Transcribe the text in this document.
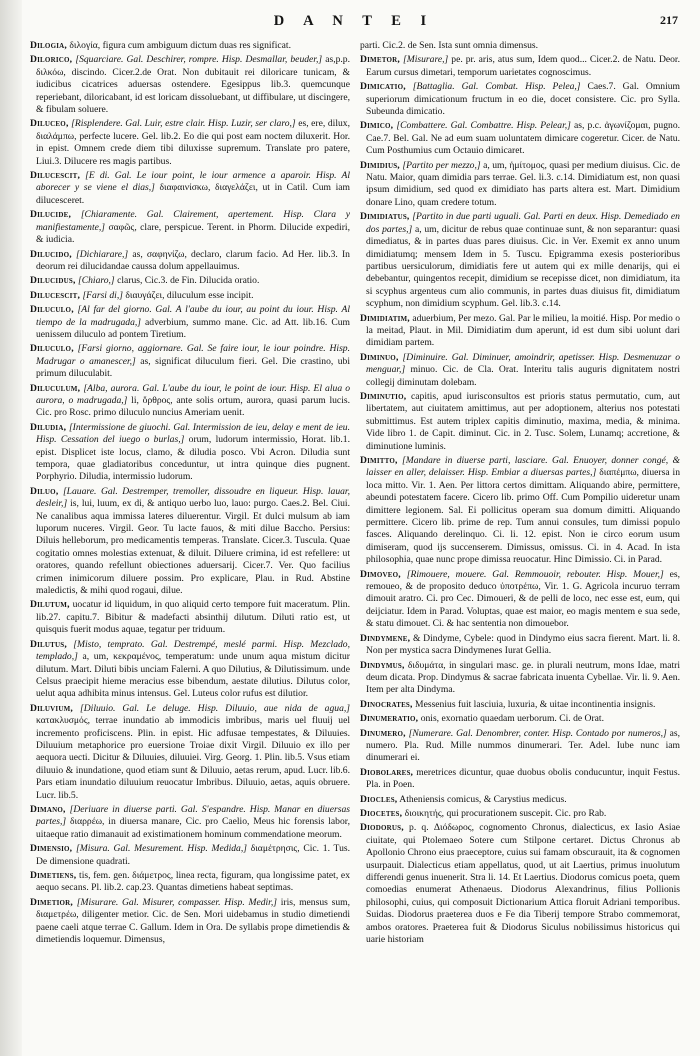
D A N T E I	217

Dilogia, διλογία, figura cum ambiguum dictum duas res significat.

Dilorico, [Squarciare. Gal. Deschirer, rompre. Hisp. Desmallar, beuder,] as,p.p. διλκόω, discindo. Cicer.2.de Orat. Non dubitauit rei diloricare tunicam, & iudicibus cicatrices aduersas ostendere. Egesippus lib.3. quemcunque reperiebant, diloricabant, id est loricam dissoluebant, ut diffibulare, ut discingere, & fibulam soluere.

Diluceo, [Risplendere. Gal. Luir, estre clair. Hisp. Luzir, ser claro,] es, ere, dilux, διαλάμπω, perfecte lucere. Gel. lib.2. Eo die qui post eam noctem diluxerit. Hor. in epist. Omnem crede diem tibi diluxisse supremum. Translate pro patere, Liui.3. Dilucere res magis partibus.

Dilucescit, [E di. Gal. Le iour point, le iour armence a aparoir. Hisp. Al aborecer y se viene el dias,] διαφαινίσκω, διαγελάζει, ut in Catil. Cum iam dilucesceret.

Dilucide, [Chiaramente. Gal. Clairement, apertement. Hisp. Clara y manifiestamente,] σαφῶς, clare, perspicue. Terent. in Phorm. Dilucide expediri, & iudicia.

Dilucido, [Dichiarare,] as, σαφηνίζω, declaro, clarum facio. Ad Her. lib.3. In deorum rei dilucidandae caussa dolum appellauimus.

Dilucidus, [Chiaro,] clarus, Cic.3. de Fin. Dilucida oratio.

Dilucescit, [Farsi di,] διαυγάζει, diluculum esse incipit.

Diluculo, [Al far del giorno. Gal. A l'aube du iour, au point du iour. Hisp. Al tiempo de la madrugada,] adverbium, summo mane. Cic. ad Att. lib.16. Cum uenissem diluculo ad pontem Tiretium.

Diluculo, [Farsi giorno, aggiornare. Gal. Se faire iour, le iour poindre. Hisp. Madrugar o amanescer,] as, significat diluculum fieri. Gel. Die crastino, ubi primum diluculabit.

Diluculum, [Alba, aurora. Gal. L'aube du iour, le point de iour. Hisp. El alua o aurora, o madrugada,] li, ὄρθρος, ante solis ortum, aurora, quasi parum lucis. Cic. pro Rosc. primo diluculo nuncius Ameriam uenit.

Diludia, [Intermissione de giuochi. Gal. Intermission de ieu, delay e ment de ieu. Hisp. Cessation del iuego o burlas,] orum, ludorum intermissio, Horat. lib.1. epist. Displicet iste locus, clamo, & diludia posco. Vbi Acron. Diludia sunt tempora, quae gladiatoribus conceduntur, ut intra quinque dies pugnent. Porphyrio. Diludia, intermissio ludorum.

Diluo, [Lauare. Gal. Destremper, tremoller, dissoudre en liqueur. Hisp. lauar, desleir,] is, lui, luum, ex di, & antiquo uerbo luo, lauo: purgo. Caes.2. Bel. Ciui. Ne canalibus aqua immissa lateres diluerentur. Virgil. Et dulci mulsum ab iam luporum nuceres. Virgil. Geor. Tu lacte fauos, & miti dilue Baccho. Persius: Diluis helleborum, pro medicamentis temperas. Translate. Cicer.3. Tuscula. Quae cogitatio omnes molestias extenuat, & diluit. Diluere crimina, id est refellere: ut oratores, quando refellunt obiectiones aduersarij. Cicer.7. Ver. Quo facilius crimen inimicorum diluere possim. Pro explicare, Plau. in Rud. Abstine maledictis, & mihi quod rogaui, dilue.

Dilutum, uocatur id liquidum, in quo aliquid certo tempore fuit maceratum. Plin. lib.27. capitu.7. Bibitur & madefacti absinthij dilutum. Diluti ratio est, ut quisquis fuerit modus aquae, tegatur per triduum.

Dilutus, [Misto, temprato. Gal. Destrempé, meslé parmi. Hisp. Mezclado, templado,] a, um, κεκραμένος, temperatum: unde unum aqua mistum dicitur dilutum. Mart. Diluti bibis unciam Falerni. A quo Dilutius, & Dilutissimum. unde Celsus praecipit hieme meracius esse bibendum, aestate dilutius. Dilutus color, uelut aqua adhibita minus intensus. Gel. Luteus color rufus est dilutior.

Diluvium, [Diluuio. Gal. Le deluge. Hisp. Diluuio, aue nida de agua,] κατακλυσμός, terrae inundatio ab immodicis imbribus, maris uel fluuij uel incremento proficiscens. Plin. in epist. Hic adfusae tempestates, & Diluuies. Diluuium metaphorice pro euersione Troiae dixit Virgil. Diluuio ex illo per aequora uecti. Dicitur & Diluuies, diluuiei. Virg. Georg. 1. Plin. lib.5. Vsus etiam diluuio & inundatione, quod etiam sunt & Diluuio, aetas rerum, apud. Lucr. lib.6. Pars etiam inundatio diluuium reuocatur Imbribus. Diluuio, aetas, aquis obruere. Lucr. lib.5.

Dimano, [Deriuare in diuerse parti. Gal. S'espandre. Hisp. Manar en diuersas partes,] διαρρέω, in diuersa manare, Cic. pro Caelio, Meus hic forensis labor, uitaeque ratio dimanauit ad existimationem hominum commendatione meorum.

Dimensio, [Misura. Gal. Mesurement. Hisp. Medida,] διαμέτρησις, Cic. 1. Tus. De dimensione quadrati.

Dimetiens, tis, fem. gen. διάμετρος, linea recta, figuram, qua longissime patet, ex aequo secans. Pl. lib.2. cap.23. Quantas dimetiens habeat septimas.

Dimetior, [Misurare. Gal. Misurer, compasser. Hisp. Medir,] iris, mensus sum, διαμετρέω, diligenter metior. Cic. de Sen. Mori uidebamus in studio dimetiendi paene caeli atque terrae C. Gallum. Idem in Ora. De syllabis prope dimetiendis & dimetiendis loquemur. Dimensus,

parti. Cic.2. de Sen. Ista sunt omnia dimensus.

Dimetor, [Misurare,] pe. pr. aris, atus sum, Idem quod... Cicer.2. de Natu. Deor. Earum cursus dimetari, temporum uarietates cognoscimus.

Dimicatio, [Battaglia. Gal. Combat. Hisp. Pelea,] Caes.7. Gal. Omnium superiorum dimicationum fructum in eo die, docet consistere. Cic. pro Sylla. Subeunda dimicatio.

Dimico, [Combattere. Gal. Combattre. Hisp. Pelear,] as, p.c. ἀγωνίζομαι, pugno. Cae.7. Bel. Gal. Ne ad eum suam uoluntatem dimicare cogeretur. Cicer. de Natu. Cum Posthumius cum Octauio dimicaret.

Dimidius, [Partito per mezzo,] a, um, ἡμίτομος, quasi per medium diuisus. Cic. de Natu. Maior, quam dimidia pars terrae. Gel. li.3. c.14. Dimidiatum est, non quasi ipsum dimidium, sed quod ex dimidiato has parts altera est. Mart. Dimidium donare Lino, quam credere totum.

Dimidiatus, [Partito in due parti uguali. Gal. Parti en deux. Hisp. Demediado en dos partes,] a, um, dicitur de rebus quae continuae sunt, & non separantur: quasi dimediatus, & in partes duas pares diuisus. Cic. in Ver. Exemit ex anno unum dimidiatumq; mensem Idem in 5. Tuscu. Epigramma exesis posterioribus partibus uersiculorum, dimidiatis fere ut autem qui ex mille denarijs, qui ei debebantur, quingentos recepit, dimidium se recepisse dicet, non dimidiatum, ita si scyphus argenteus cum alio communis, in partes duas diuisus fit, dimidiatum scyphum, non dimidium scyphum. Gel. lib.3. c.14.

Dimidiatim, aduerbium, Per mezo. Gal. Par le milieu, la moitié. Hisp. Por medio o la meitad, Plaut. in Mil. Dimidiatim dum aperunt, id est dum sibi uolunt dari dimidiam partem.

Diminuo, [Diminuire. Gal. Diminuer, amoindrir, apetisser. Hisp. Desmenuzar o menguar,] minuo. Cic. de Cla. Orat. Interitu talis auguris dignitatem nostri collegij diminutam dolebam.

Diminutio, capitis, apud iurisconsultos est prioris status permutatio, cum, aut libertatem, aut ciuitatem amittimus, aut per adoptionem, alterius nos potestati submittimus. Est autem triplex capitis diminutio, maxima, media, & minima. Vide libro 1. de Capit. diminut. Cic. in 2. Tusc. Solem, Lunamq; accretione, & diminutione luminis.

Dimitto, [Mandare in diuerse parti, lasciare. Gal. Enuoyer, donner congé, & laisser en aller, delaisser. Hisp. Embiar a diuersas partes,] διαπέμπω, diuersa in loca mitto. Vir. 1. Aen. Per littora certos dimittam. Aliquando abire, permittere, abeundi potestatem facere. Cicero lib. primo Off. Cum Pompilio uideretur unam dimittere legionem. Sal. Ei pollicitus operam sua domum dimitti. Aliquando permittere. Cicero lib. prime de rep. Tum annui consules, tum dimissi populo fasces. Aliquando derelinquo. Ci. li. 12. epist. Non ie circo eorum usum dimiseram, quod ijs succenserem. Dimissus, omissus. Ci. in 4. Acad. In ista philosophia, quae nunc prope dimissa reuocatur. Hinc Dimissio. Ci. in Parad.

Dimoveo, [Rimouere, mouere. Gal. Remmouoir, rebouter. Hisp. Mouer,] es, remoueo, & de proposito deduco ὑποτρέπω, Vir. 1. G. Agricola incuruo terram dimouit aratro. Ci. pro Cec. Dimoueri, & de pelli de loco, nec esse est, eum, qui deijciatur. Idem in Parad. Voluptas, quae est maior, eo magis mentem e sua sede, & statu dimouet. Ci. & hac sententia non dimouebor.

Dindymene, & Dindyme, Cybele: quod in Dindymo eius sacra fierent. Mart. li. 8. Non per mystica sacra Dindymenes Iurat Gellia.

Dindymus, διδυμάτα, in singulari masc. ge. in plurali neutrum, mons Idae, matri deum dicata. Prop. Dindymus & sacrae fabricata inuenta Cybellae. Vir. li. 9. Aen. Item per alta Dindyma.

Dinocrates, Messenius fuit lasciuia, luxuria, & uitae incontinentia insignis.

Dinumeratio, onis, exornatio quaedam uerborum. Ci. de Orat.

Dinumero, [Numerare. Gal. Denombrer, conter. Hisp. Contado por numeros,] as, numero. Pla. Rud. Mille nummos dinumerari. Ter. Adel. Iube nunc iam dinumerari ei.

Diobolares, meretrices dicuntur, quae duobus obolis conducuntur, inquit Festus. Pla. in Poen.

Diocles, Atheniensis comicus, & Carystius medicus.

Diocetes, διοικητής, qui procurationem suscepit. Cic. pro Rab.

Diodorus, p. q. Διόδωρος, cognomento Chronus, dialecticus, ex Iasio Asiae ciuitate, qui Ptolemaeo Sotere cum Stilpone certaret. Dictus Chronus ab Apollonio Chrono eius praeceptore, cuius sui famam obscurauit, ita & cognomen usurpauit. Dialecticus etiam appellatus, quod, ut ait Laertius, primus inuolutum differendi genus inuenerit. Stra li. 14. Et Laertius. Diodorus comicus poeta, quem comoedias enumerat Athenaeus. Diodorus Alexandrinus, filius Pollionis philosophi, cuius, qui composuit Dictionarium Attica floruit Adriani temporibus. Suidas. Diodorus praeterea duos e Fe dia Tiberij tempore Strabo commemorat, ambos oratores. Praeterea fuit & Diodorus Siculus nobilissimus historicus qui uarie historiam
